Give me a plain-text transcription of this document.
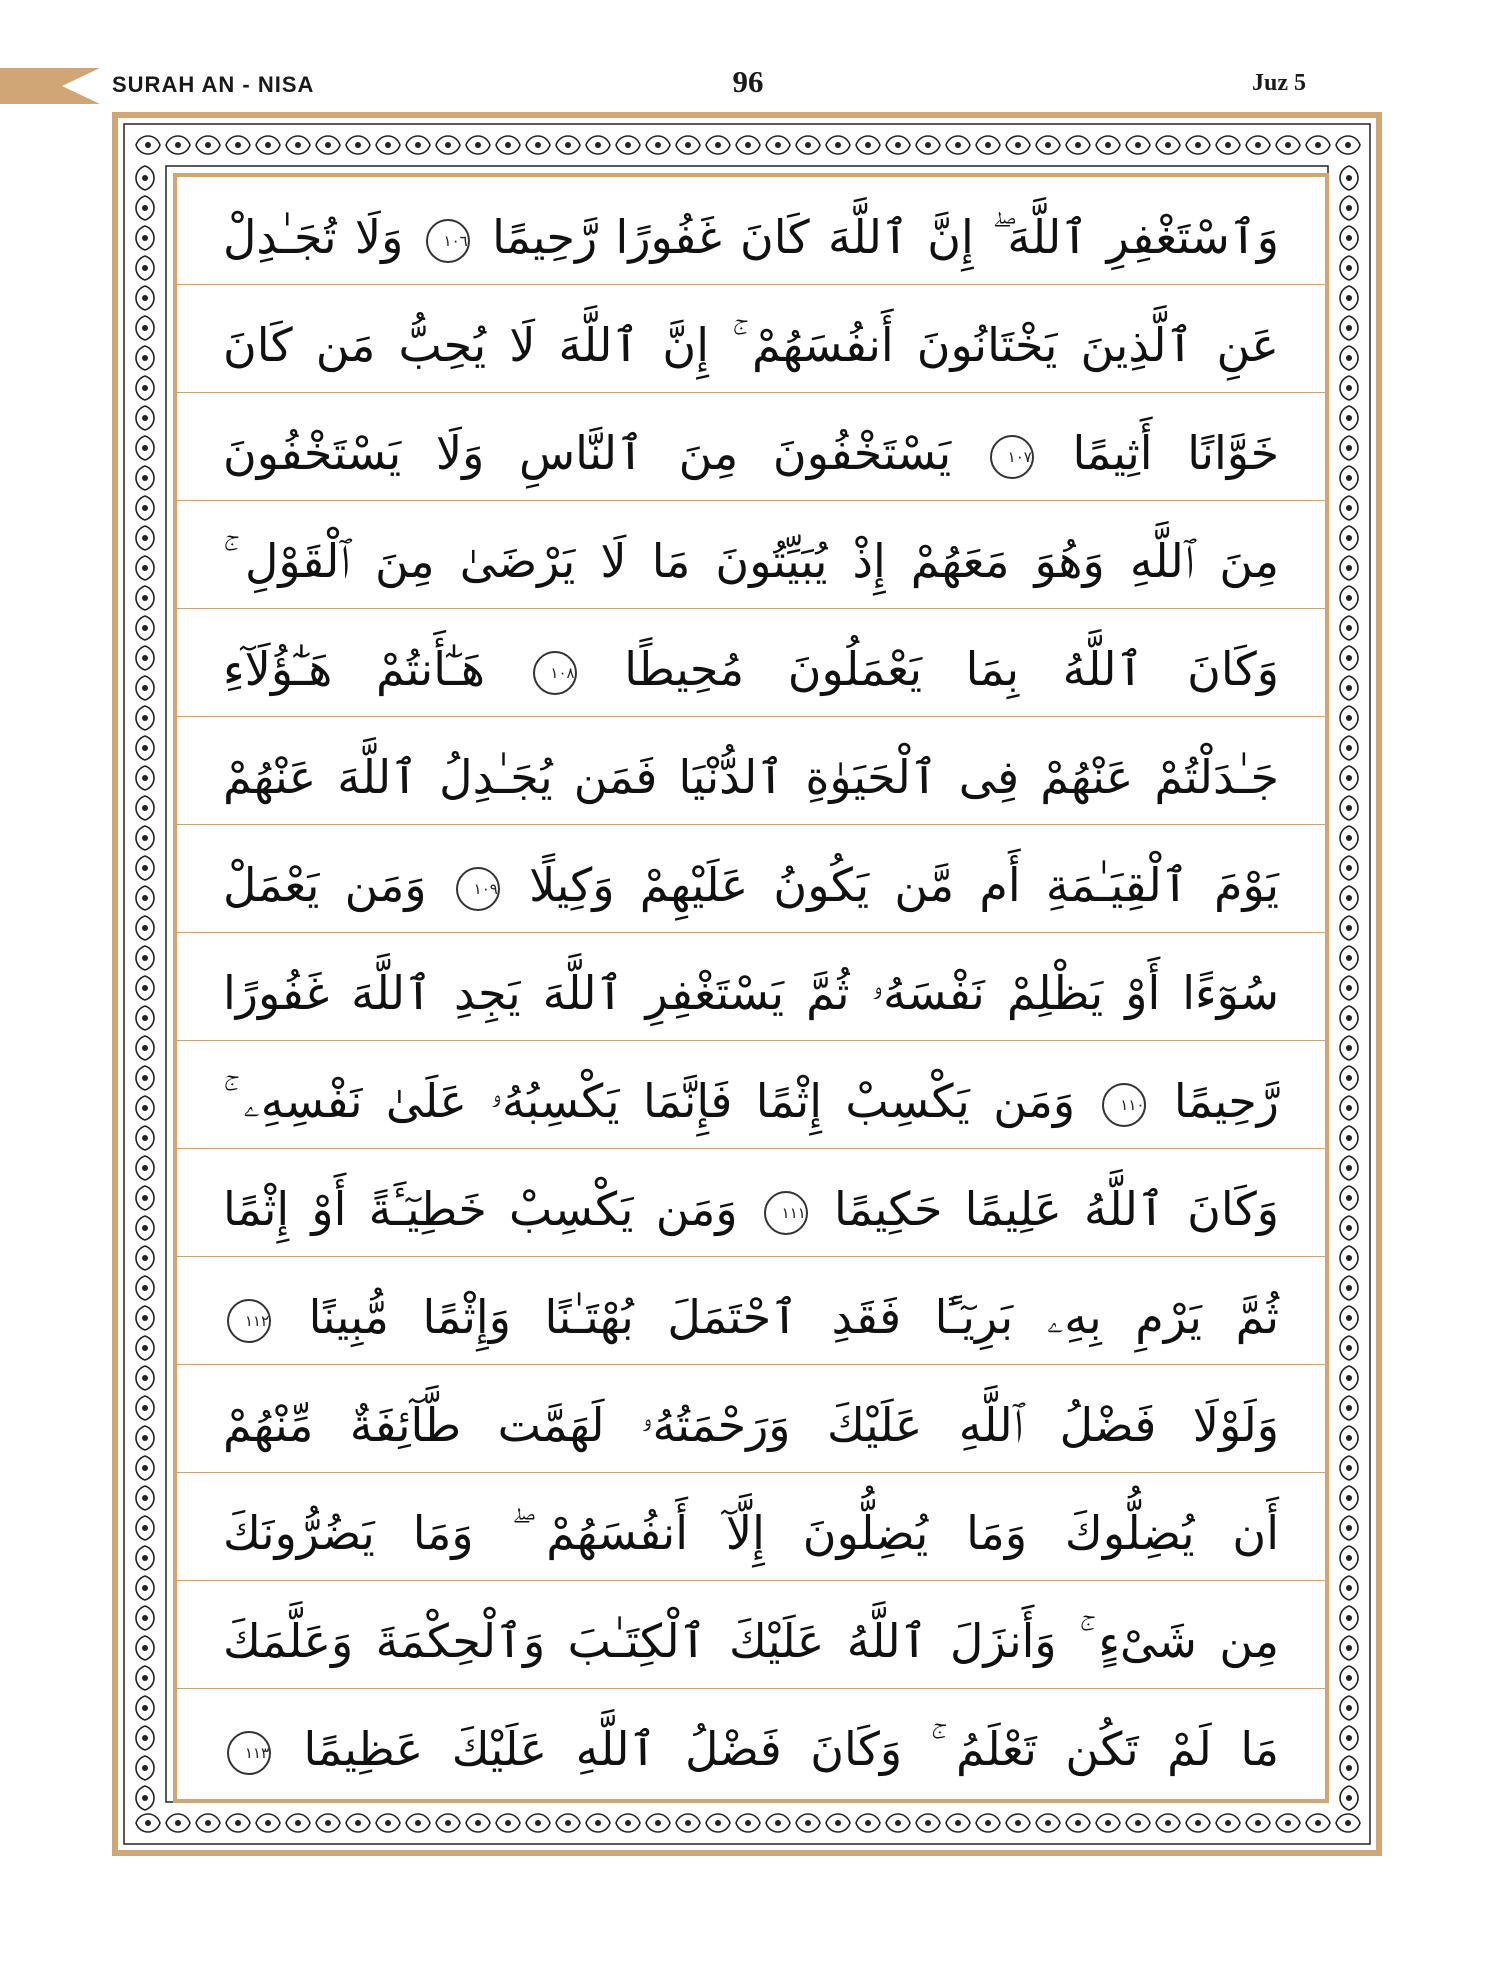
SURAH AN - NISA	96	Juz 5
وَٱسْتَغْفِرِ ٱللَّهَ ۖ إِنَّ ٱللَّهَ كَانَ غَفُورًا رَّحِيمًا ١٠٦ وَلَا تُجَـٰدِلْ
عَنِ ٱلَّذِينَ يَخْتَانُونَ أَنفُسَهُمْ ۚ إِنَّ ٱللَّهَ لَا يُحِبُّ مَن كَانَ
خَوَّانًا أَثِيمًا ١٠٧ يَسْتَخْفُونَ مِنَ ٱلنَّاسِ وَلَا يَسْتَخْفُونَ
مِنَ ٱللَّهِ وَهُوَ مَعَهُمْ إِذْ يُبَيِّتُونَ مَا لَا يَرْضَىٰ مِنَ ٱلْقَوْلِ ۚ
وَكَانَ ٱللَّهُ بِمَا يَعْمَلُونَ مُحِيطًا ١٠٨ هَـٰٓأَنتُمْ هَـٰٓؤُلَآءِ
جَـٰدَلْتُمْ عَنْهُمْ فِى ٱلْحَيَوٰةِ ٱلدُّنْيَا فَمَن يُجَـٰدِلُ ٱللَّهَ عَنْهُمْ
يَوْمَ ٱلْقِيَـٰمَةِ أَم مَّن يَكُونُ عَلَيْهِمْ وَكِيلًا ١٠٩ وَمَن يَعْمَلْ
سُوٓءًا أَوْ يَظْلِمْ نَفْسَهُۥ ثُمَّ يَسْتَغْفِرِ ٱللَّهَ يَجِدِ ٱللَّهَ غَفُورًا
رَّحِيمًا ١١٠ وَمَن يَكْسِبْ إِثْمًا فَإِنَّمَا يَكْسِبُهُۥ عَلَىٰ نَفْسِهِۦ ۚ
وَكَانَ ٱللَّهُ عَلِيمًا حَكِيمًا ١١١ وَمَن يَكْسِبْ خَطِيٓـَٔةً أَوْ إِثْمًا
ثُمَّ يَرْمِ بِهِۦ بَرِيٓـًٔا فَقَدِ ٱحْتَمَلَ بُهْتَـٰنًا وَإِثْمًا مُّبِينًا ١١٢
وَلَوْلَا فَضْلُ ٱللَّهِ عَلَيْكَ وَرَحْمَتُهُۥ لَهَمَّت طَّآئِفَةٌ مِّنْهُمْ
أَن يُضِلُّوكَ وَمَا يُضِلُّونَ إِلَّآ أَنفُسَهُمْ ۖ وَمَا يَضُرُّونَكَ
مِن شَىْءٍ ۚ وَأَنزَلَ ٱللَّهُ عَلَيْكَ ٱلْكِتَـٰبَ وَٱلْحِكْمَةَ وَعَلَّمَكَ
مَا لَمْ تَكُن تَعْلَمُ ۚ وَكَانَ فَضْلُ ٱللَّهِ عَلَيْكَ عَظِيمًا ١١٣
